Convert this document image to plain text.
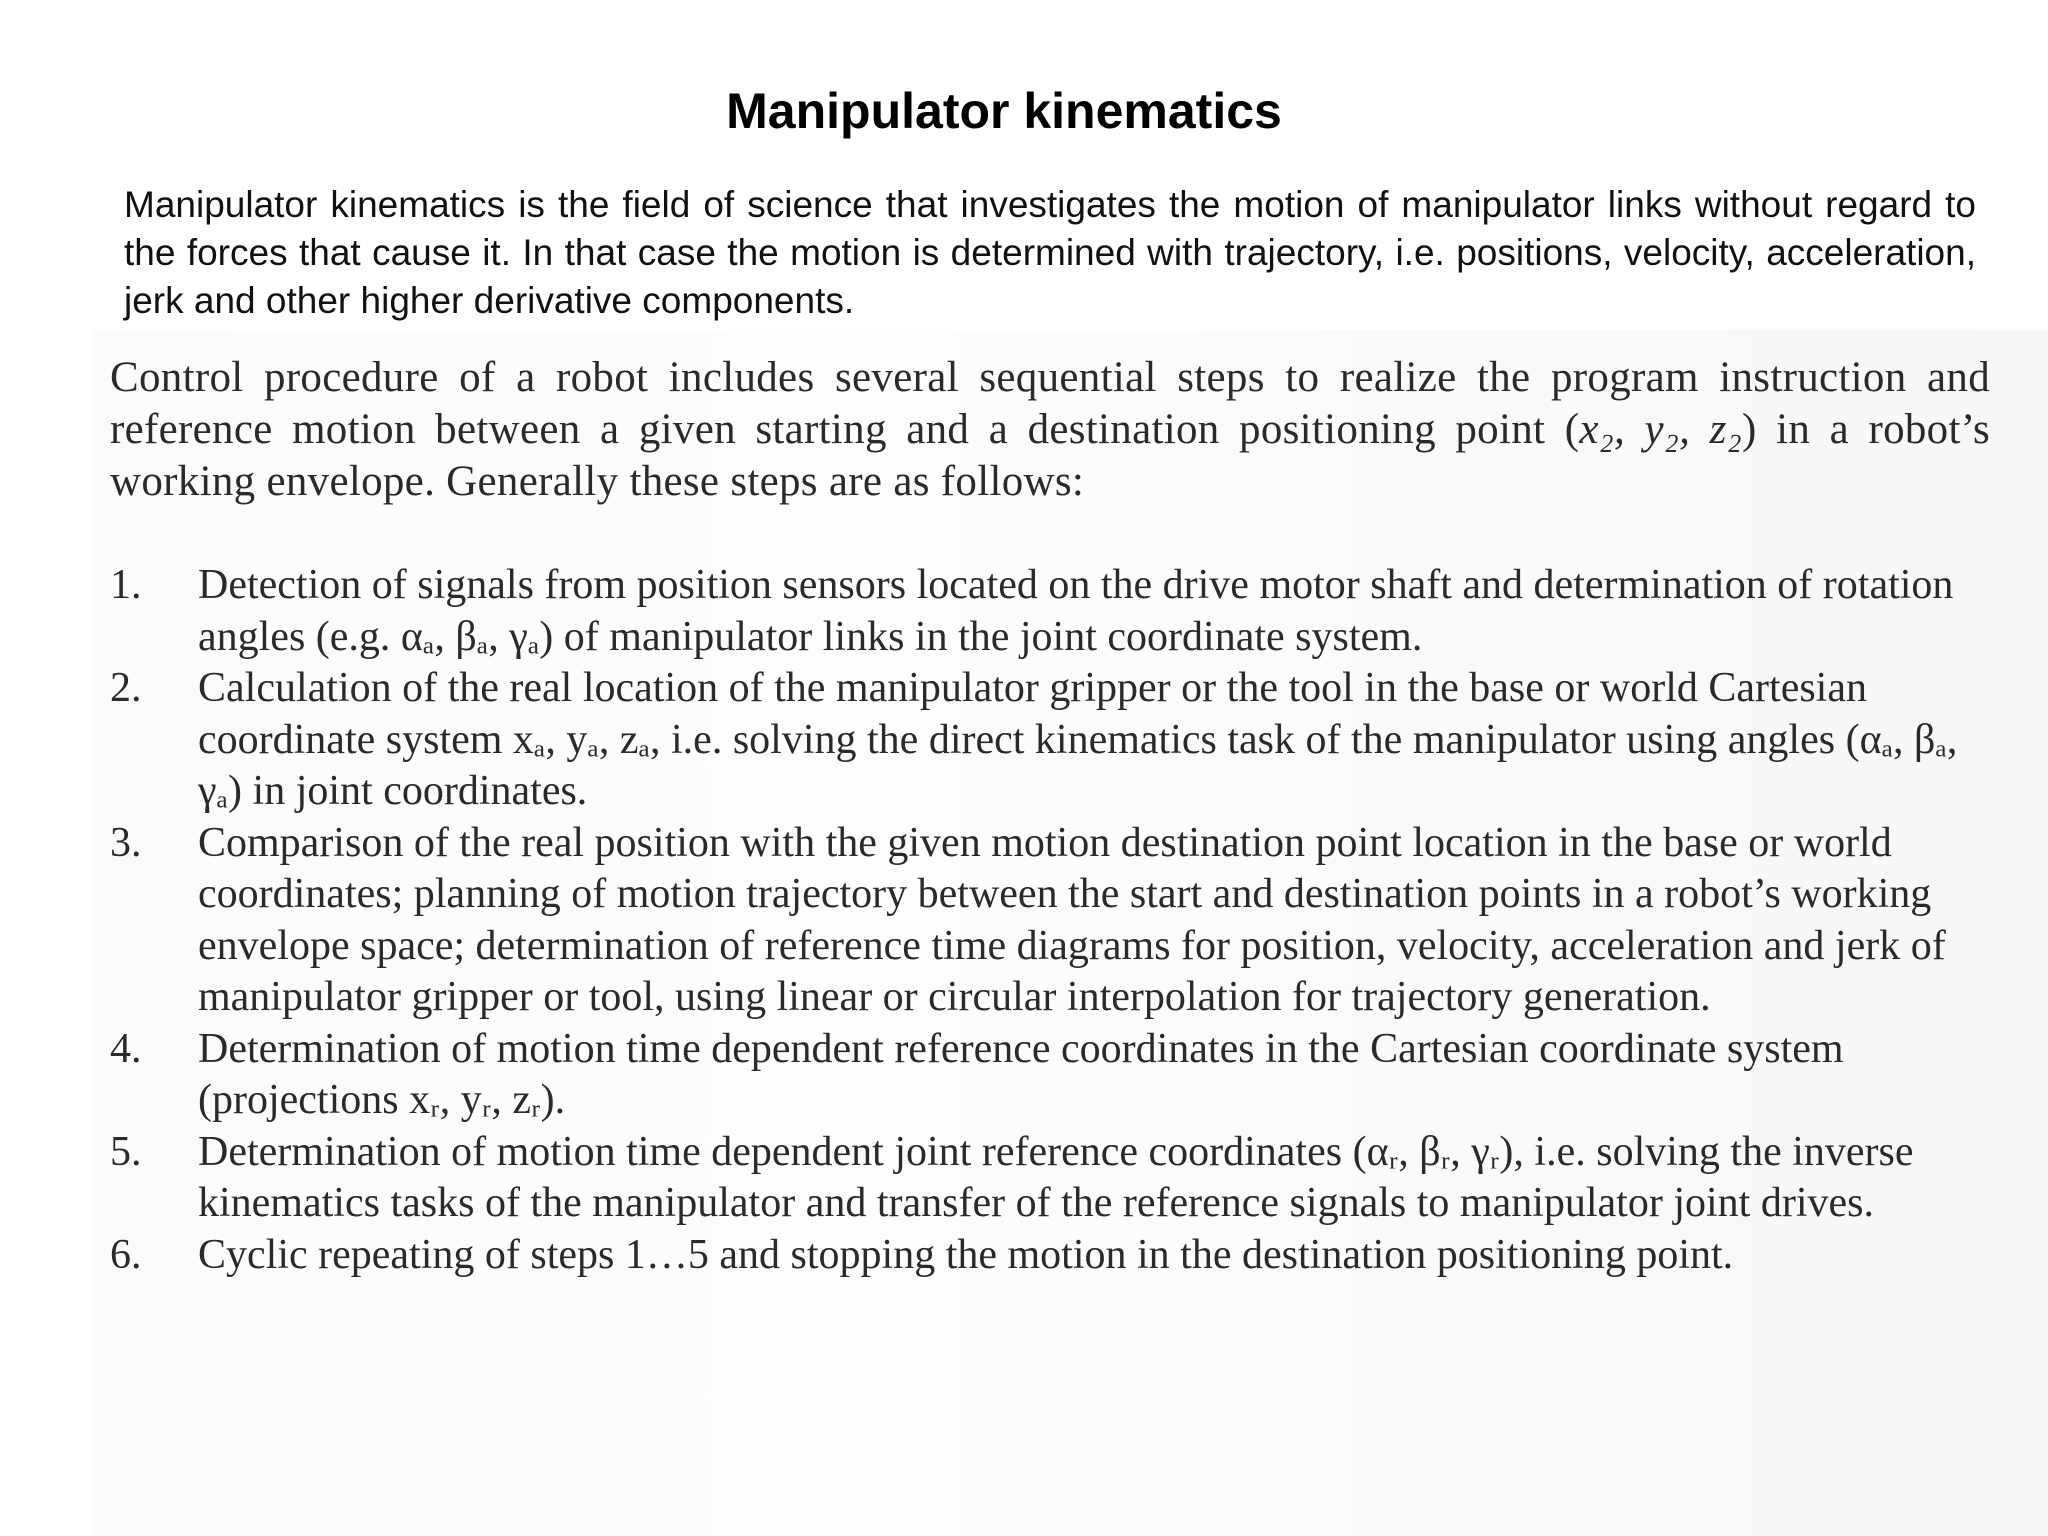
Manipulator kinematics

Manipulator kinematics is the field of science that investigates the motion of manipulator links without regard to the forces that cause it. In that case the motion is determined with trajectory, i.e. positions, velocity, acceleration, jerk and other higher derivative components.

Control procedure of a robot includes several sequential steps to realize the program instruction and reference motion between a given starting and a destination positioning point (x₂, y₂, z₂) in a robot’s working envelope. Generally these steps are as follows:

1.	Detection of signals from position sensors located on the drive motor shaft and determination of rotation angles (e.g. αₐ, βₐ, γₐ) of manipulator links in the joint coordinate system.
2.	Calculation of the real location of the manipulator gripper or the tool in the base or world Cartesian coordinate system xₐ, yₐ, zₐ, i.e. solving the direct kinematics task of the manipulator using angles (αₐ, βₐ, γₐ) in joint coordinates.
3.	Comparison of the real position with the given motion destination point location in the base or world coordinates; planning of motion trajectory between the start and destination points in a robot’s working envelope space; determination of reference time diagrams for position, velocity, acceleration and jerk of manipulator gripper or tool, using linear or circular interpolation for trajectory generation.
4.	Determination of motion time dependent reference coordinates in the Cartesian coordinate system (projections xᵣ, yᵣ, zᵣ).
5.	Determination of motion time dependent joint reference coordinates (αᵣ, βᵣ, γᵣ), i.e. solving the inverse kinematics tasks of the manipulator and transfer of the reference signals to manipulator joint drives.
6.	Cyclic repeating of steps 1…5 and stopping the motion in the destination positioning point.
